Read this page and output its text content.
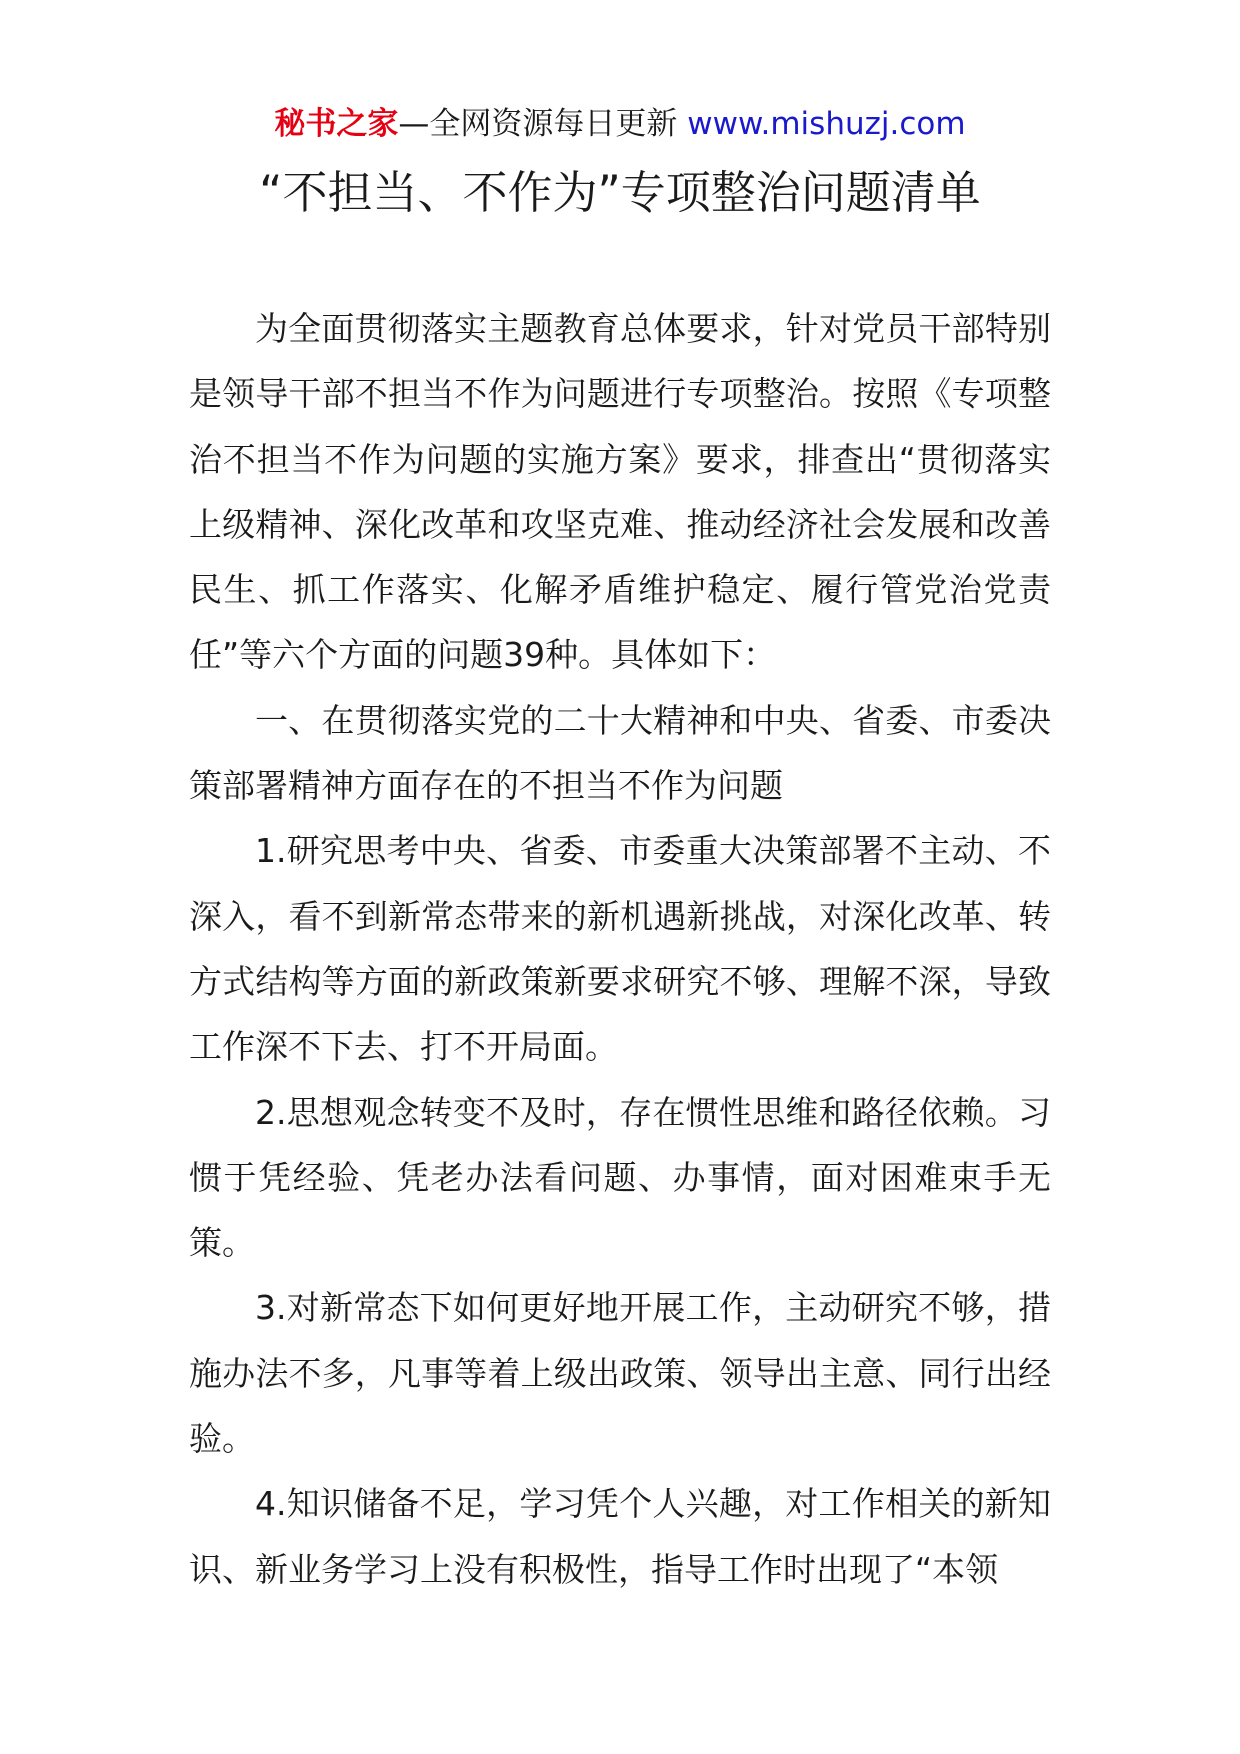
秘书之家—全网资源每日更新 www.mishuzj.com
“不担当、不作为”专项整治问题清单

为全面贯彻落实主题教育总体要求，针对党员干部特别是领导干部不担当不作为问题进行专项整治。按照《专项整治不担当不作为问题的实施方案》要求，排查出“贯彻落实上级精神、深化改革和攻坚克难、推动经济社会发展和改善民生、抓工作落实、化解矛盾维护稳定、履行管党治党责任”等六个方面的问题39种。具体如下：

一、在贯彻落实党的二十大精神和中央、省委、市委决策部署精神方面存在的不担当不作为问题

1.研究思考中央、省委、市委重大决策部署不主动、不深入，看不到新常态带来的新机遇新挑战，对深化改革、转方式结构等方面的新政策新要求研究不够、理解不深，导致工作深不下去、打不开局面。

2.思想观念转变不及时，存在惯性思维和路径依赖。习惯于凭经验、凭老办法看问题、办事情，面对困难束手无策。

3.对新常态下如何更好地开展工作，主动研究不够，措施办法不多，凡事等着上级出政策、领导出主意、同行出经验。

4.知识储备不足，学习凭个人兴趣，对工作相关的新知识、新业务学习上没有积极性，指导工作时出现了“本领
